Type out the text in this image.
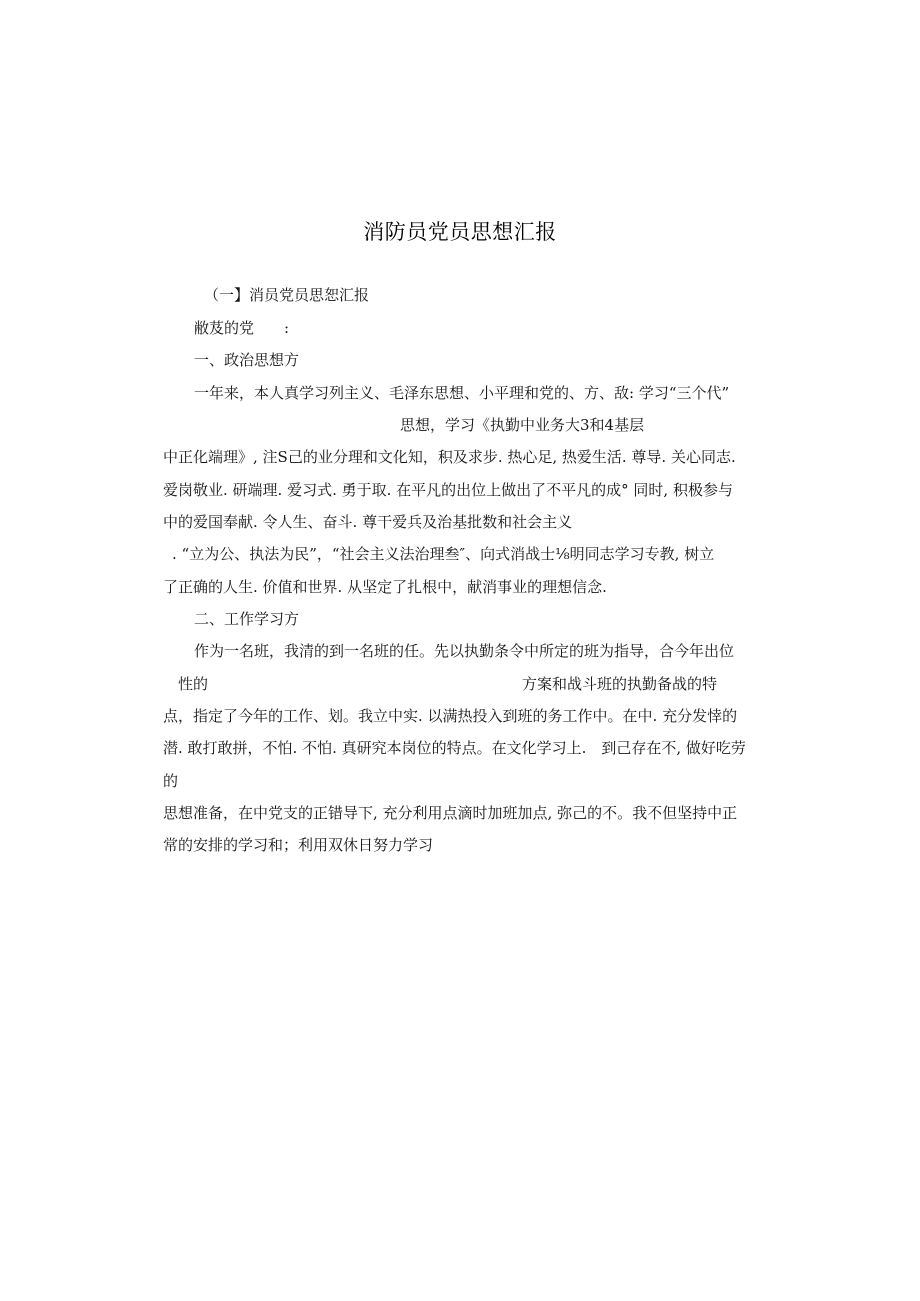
消防员党员思想汇报
（一】消员党员思恕汇报
敝芨的党　　:
一、政治思想方
一年来，本人真学习列主义、毛泽东思想、小平理和党的、方、敌: 学习“三个代”
思想，学习《执勤中业务大3和4基层
中正化端理》, 注S己的业分理和文化知，积及求步. 热心足, 热爱生活. 尊导. 关心同志.
爱岗敬业. 研端理. 爱习式. 勇于取. 在平凡的出位上做出了不平凡的成° 同时, 积极参与
中的爱国奉献. 令人生、奋斗. 尊干爱兵及治基批数和社会主义
. “立为公、执法为民”，“社会主义法治理叁″、向式消战士⅛明同志学习专教, 树立
了正确的人生. 价值和世界. 从坚定了扎根中，献消事业的理想信念.
二、工作学习方
作为一名班，我清的到一名班的任。先以执勤条令中所定的班为指导，合今年出位
性的	方案和战斗班的执勤备战的特
点，指定了今年的工作、划。我立中实. 以满热投入到班的务工作中。在中. 充分发悻的
潜. 敢打敢拼，不怕. 不怕. 真研究本岗位的特点。在文化学习上.　到己存在不, 做好吃劳
的
思想准备，在中党支的正错导下, 充分利用点滴时加班加点, 弥己的不。我不但坚持中正
常的安排的学习和；利用双休日努力学习
